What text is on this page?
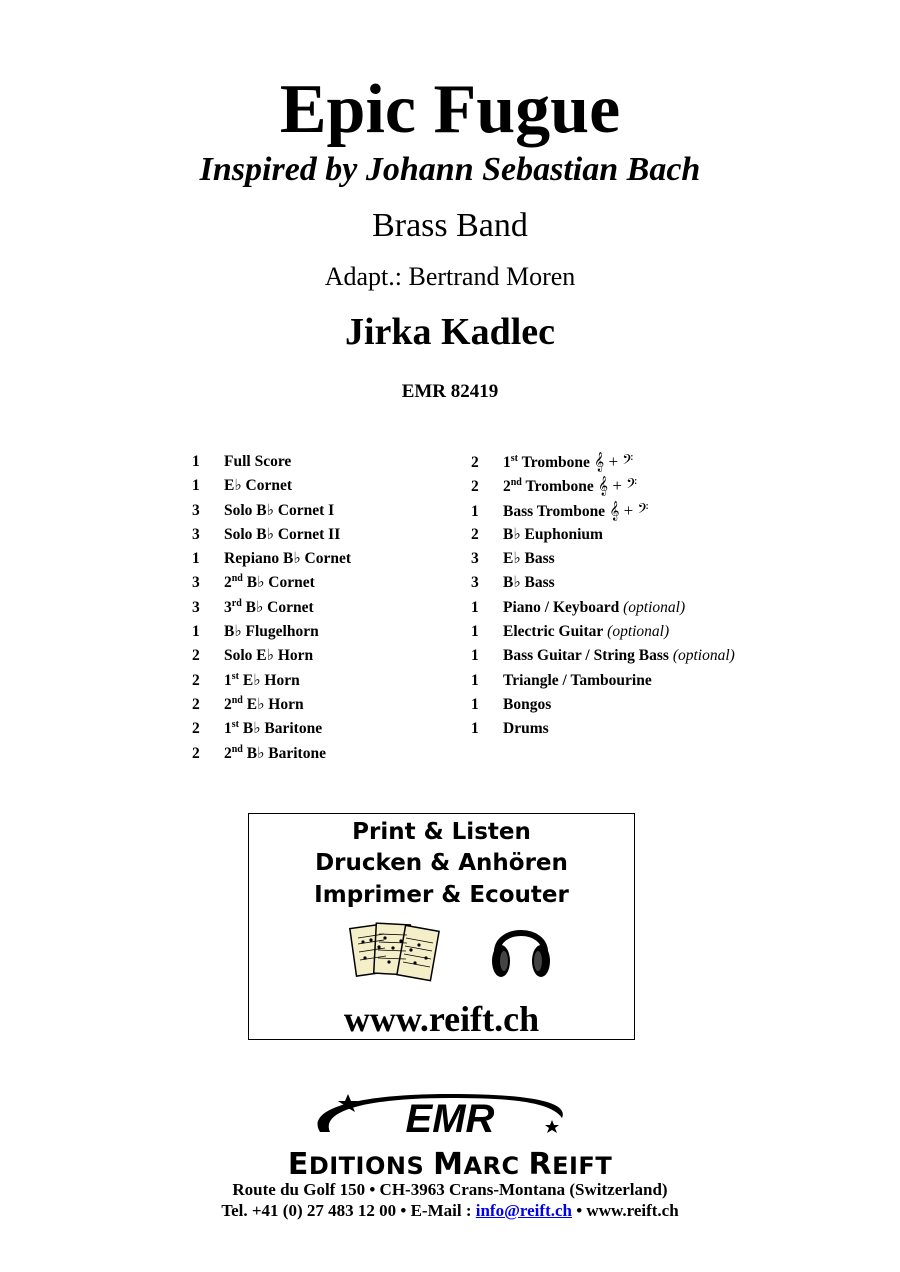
Epic Fugue
Inspired by Johann Sebastian Bach
Brass Band
Adapt.: Bertrand Moren
Jirka Kadlec
EMR 82419
1 Full Score
1 E♭ Cornet
3 Solo B♭ Cornet I
3 Solo B♭ Cornet II
1 Repiano B♭ Cornet
3 2nd B♭ Cornet
3 3rd B♭ Cornet
1 B♭ Flugelhorn
2 Solo E♭ Horn
2 1st E♭ Horn
2 2nd E♭ Horn
2 1st B♭ Baritone
2 2nd B♭ Baritone
2 1st Trombone 𝄞 + 𝄢
2 2nd Trombone 𝄞 + 𝄢
1 Bass Trombone 𝄞 + 𝄢
2 B♭ Euphonium
3 E♭ Bass
3 B♭ Bass
1 Piano / Keyboard (optional)
1 Electric Guitar (optional)
1 Bass Guitar / String Bass (optional)
1 Triangle / Tambourine
1 Bongos
1 Drums
Print & Listen
Drucken & Anhören
Imprimer & Ecouter
www.reift.ch
EMR
EDITIONS MARC REIFT
Route du Golf 150 • CH-3963 Crans-Montana (Switzerland)
Tel. +41 (0) 27 483 12 00 • E-Mail : info@reift.ch • www.reift.ch
